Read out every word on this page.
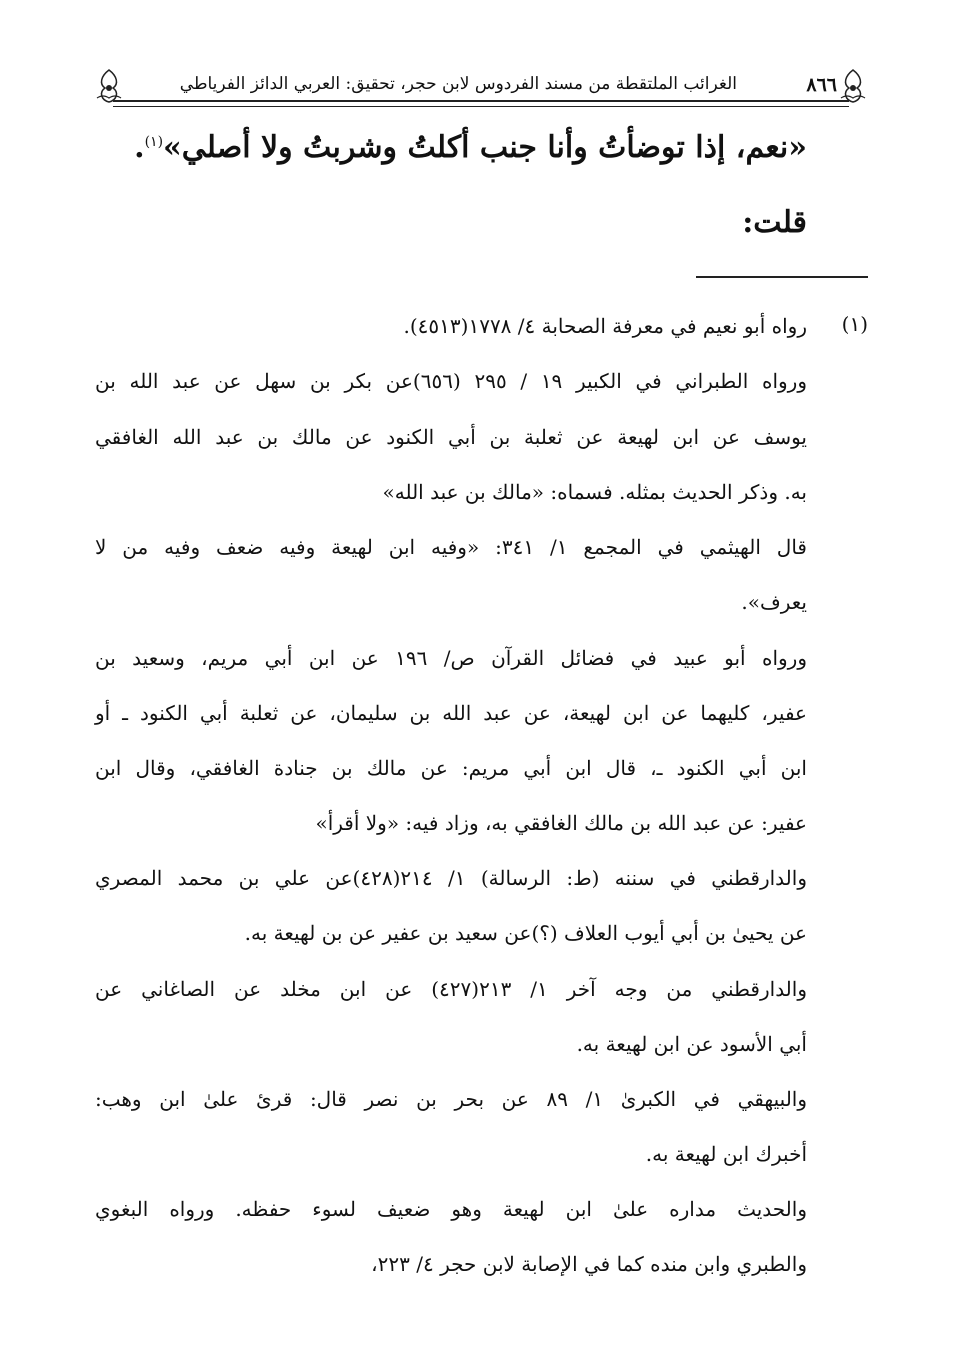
الغرائب الملتقطة من مسند الفردوس لابن حجر، تحقيق: العربي الدائز الفرياطي	٨٦٦
«نعم، إذا توضأتُ وأنا جنب أكلتُ وشربتُ ولا أصلي»$^{(١)}$.
قلت:
(١)
رواه أبو نعيم في معرفة الصحابة ٤/ ١٧٧٨(٤٥١٣).
ورواه الطبراني في الكبير ١٩ / ٢٩٥ (٦٥٦)عن بكر بن سهل عن عبد الله بن
يوسف عن ابن لهيعة عن ثعلبة بن أبي الكنود عن مالك بن عبد الله الغافقي
به. وذكر الحديث بمثله. فسماه: «مالك بن عبد الله»
قال الهيثمي في المجمع ١/ ٣٤١: «وفيه ابن لهيعة وفيه ضعف وفيه من لا
يعرف».
ورواه أبو عبيد في فضائل القرآن ص/ ١٩٦ عن ابن أبي مريم، وسعيد بن
عفير، كليهما عن ابن لهيعة، عن عبد الله بن سليمان، عن ثعلبة أبي الكنود ـ أو
ابن أبي الكنود ـ، قال ابن أبي مريم: عن مالك بن جنادة الغافقي، وقال ابن
عفير: عن عبد الله بن مالك الغافقي به، وزاد فيه: «ولا أقرأ»
والدارقطني في سننه (ط: الرسالة) ١/ ٢١٤(٤٢٨)عن علي بن محمد المصري
عن يحيىٰ بن أبي أيوب العلاف (؟)عن سعيد بن عفير عن بن لهيعة به.
والدارقطني من وجه آخر ١/ ٢١٣(٤٢٧) عن ابن مخلد عن الصاغاني عن
أبي الأسود عن ابن لهيعة به.
والبيهقي في الكبرىٰ ١/ ٨٩ عن بحر بن نصر قال: قرئ علىٰ ابن وهب:
أخبرك ابن لهيعة به.
والحديث مداره علىٰ ابن لهيعة وهو ضعيف لسوء حفظه. ورواه البغوي
والطبري وابن منده كما في الإصابة لابن حجر ٤/ ٢٢٣،
